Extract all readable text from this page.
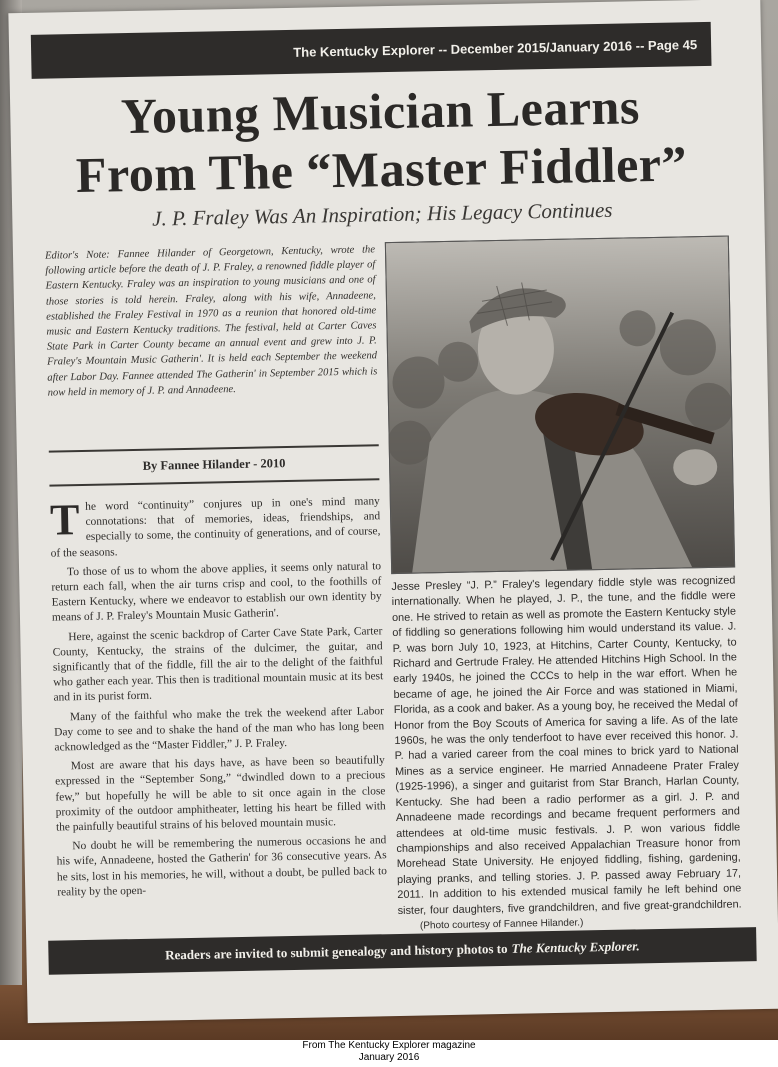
The Kentucky Explorer -- December 2015/January 2016 -- Page 45
Young Musician Learns
From The “Master Fiddler”
J. P. Fraley Was An Inspiration; His Legacy Continues
Editor's Note: Fannee Hilander of Georgetown, Kentucky, wrote the following article before the death of J. P. Fraley, a renowned fiddle player of Eastern Kentucky. Fraley was an inspiration to young musicians and one of those stories is told herein. Fraley, along with his wife, Annadeene, established the Fraley Festival in 1970 as a reunion that honored old-time music and Eastern Kentucky traditions. The festival, held at Carter Caves State Park in Carter County became an annual event and grew into J. P. Fraley's Mountain Music Gatherin'. It is held each September the weekend after Labor Day. Fannee attended The Gatherin' in September 2015 which is now held in memory of J. P. and Annadeene.
By Fannee Hilander - 2010

The word “continuity” conjures up in one's mind many connotations: that of memories, ideas, friendships, and especially to some, the continuity of generations, and of course, of the seasons.

To those of us to whom the above applies, it seems only natural to return each fall, when the air turns crisp and cool, to the foothills of Eastern Kentucky, where we endeavor to establish our own identity by means of J. P. Fraley's Mountain Music Gatherin'.

Here, against the scenic backdrop of Carter Cave State Park, Carter County, Kentucky, the strains of the dulcimer, the guitar, and significantly that of the fiddle, fill the air to the delight of the faithful who gather each year. This then is traditional mountain music at its best and in its purist form.

Many of the faithful who make the trek the weekend after Labor Day come to see and to shake the hand of the man who has long been acknowledged as the “Master Fiddler,” J. P. Fraley.

Most are aware that his days have, as have been so beautifully expressed in the “September Song,” “dwindled down to a precious few,” but hopefully he will be able to sit once again in the close proximity of the outdoor amphitheater, letting his heart be filled with the painfully beautiful strains of his beloved mountain music.

No doubt he will be remembering the numerous occasions he and his wife, Annadeene, hosted the Gatherin' for 36 consecutive years. As he sits, lost in his memories, he will, without a doubt, be pulled back to reality by the open-

Jesse Presley “J. P.” Fraley's legendary fiddle style was recognized internationally. When he played, J. P., the tune, and the fiddle were one. He strived to retain as well as promote the Eastern Kentucky style of fiddling so generations following him would understand its value. J. P. was born July 10, 1923, at Hitchins, Carter County, Kentucky, to Richard and Gertrude Fraley. He attended Hitchins High School. In the early 1940s, he joined the CCCs to help in the war effort. When he became of age, he joined the Air Force and was stationed in Miami, Florida, as a cook and baker. As a young boy, he received the Medal of Honor from the Boy Scouts of America for saving a life. As of the late 1960s, he was the only tenderfoot to have ever received this honor. J. P. had a varied career from the coal mines to brick yard to National Mines as a service engineer. He married Annadeene Prater Fraley (1925-1996), a singer and guitarist from Star Branch, Harlan County, Kentucky. She had been a radio performer as a girl. J. P. and Annadeene made recordings and became frequent performers and attendees at old-time music festivals. J. P. won various fiddle championships and also received Appalachian Treasure honor from Morehead State University. He enjoyed fiddling, fishing, gardening, playing pranks, and telling stories. J. P. passed away February 17, 2011. In addition to his extended musical family he left behind one sister, four daughters, five grandchildren, and five great-grandchildren. (Photo courtesy of Fannee Hilander.)
Readers are invited to submit genealogy and history photos to The Kentucky Explorer.
From The Kentucky Explorer magazine
January 2016
